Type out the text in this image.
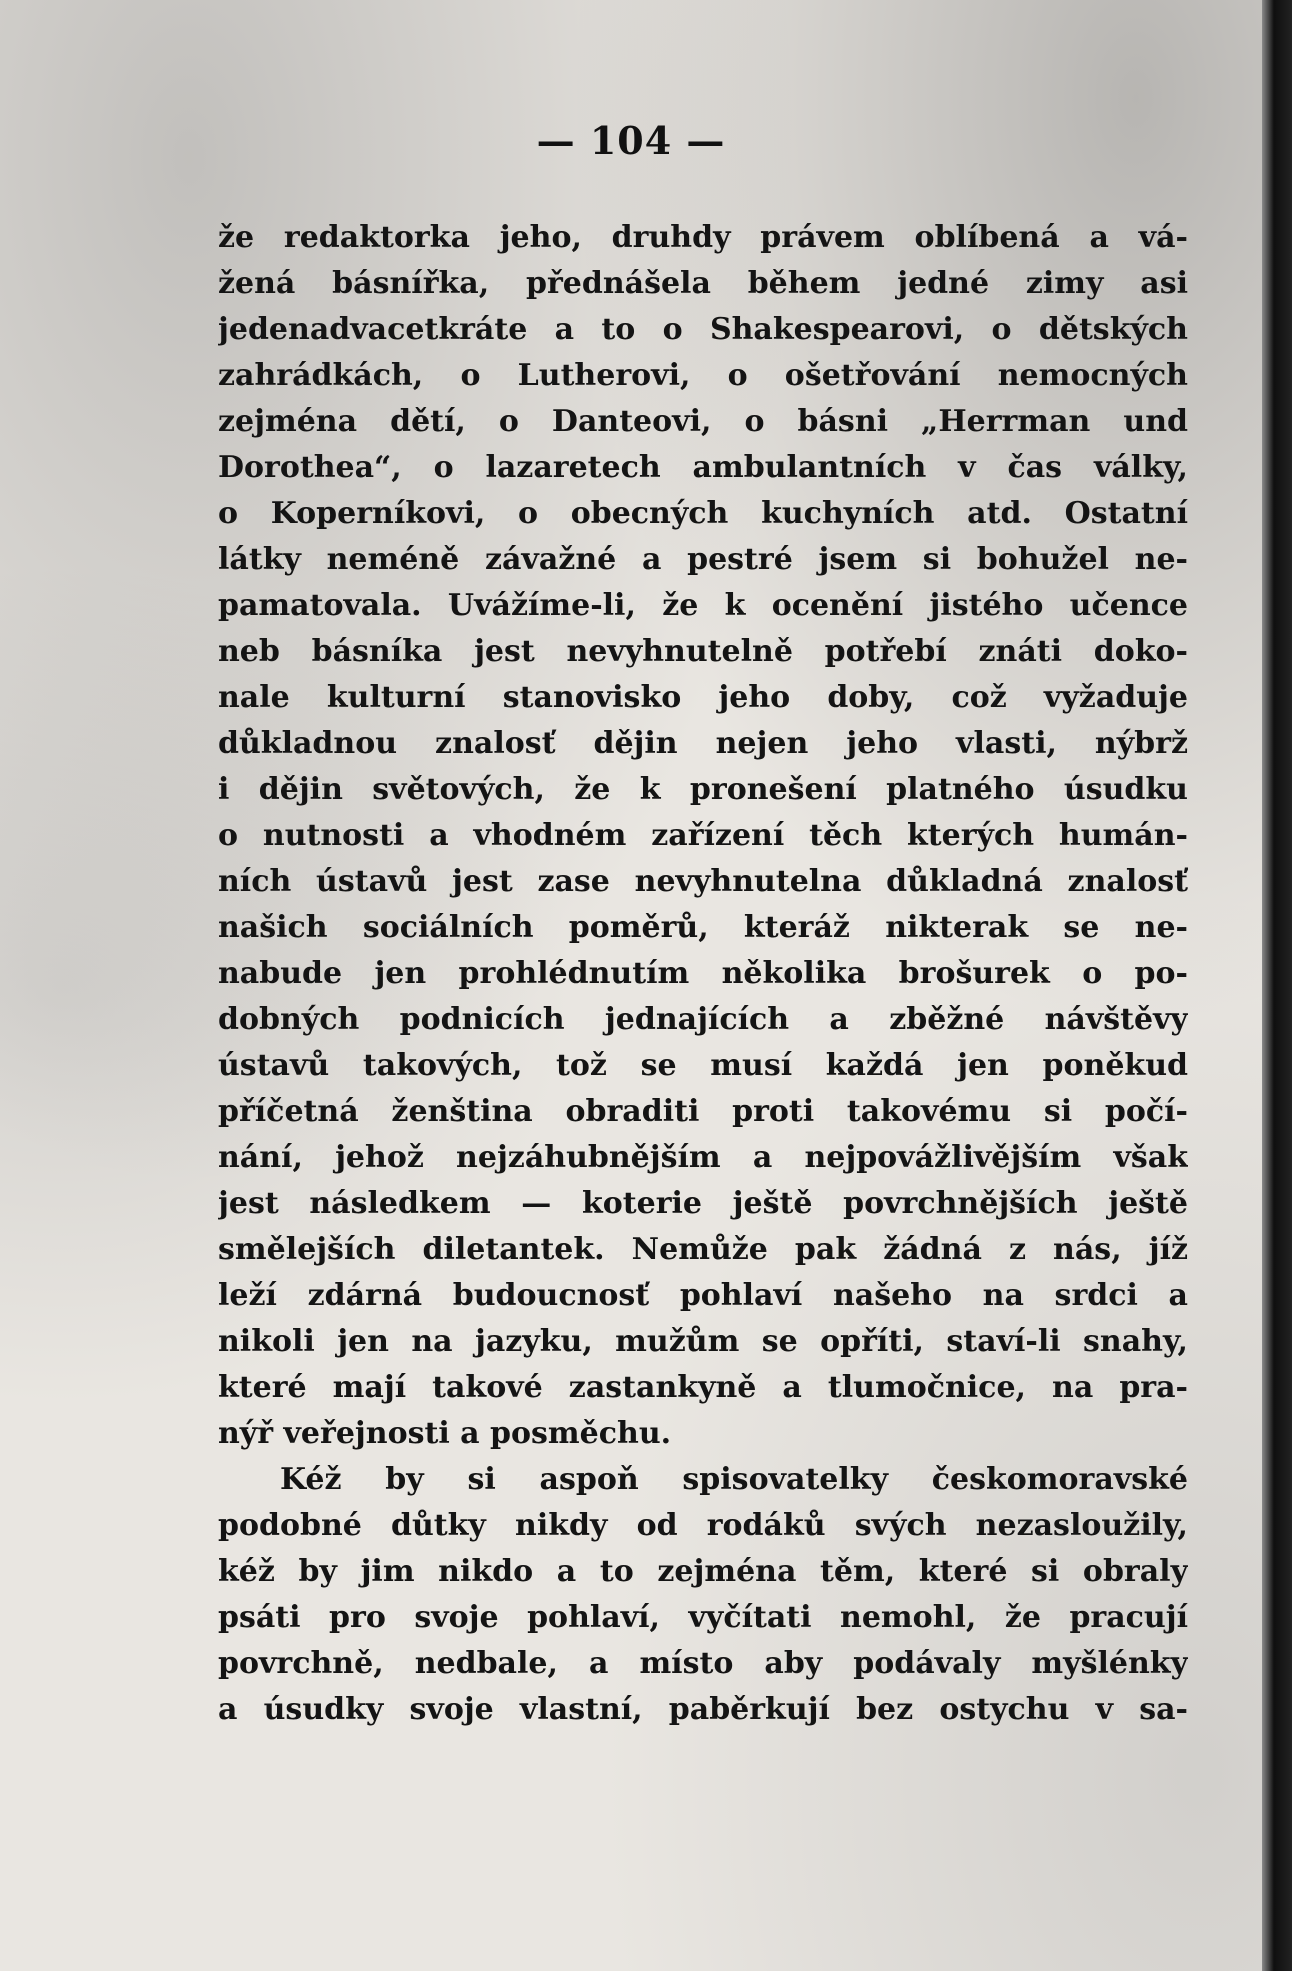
— 104 —
že redaktorka jeho, druhdy právem oblíbená a vá-
žená básnířka, přednášela během jedné zimy asi
jedenadvacetkráte a to o Shakespearovi, o dětských
zahrádkách, o Lutherovi, o ošetřování nemocných
zejména dětí, o Danteovi, o básni „Herrman und
Dorothea“, o lazaretech ambulantních v čas války,
o Koperníkovi, o obecných kuchyních atd. Ostatní
látky neméně závažné a pestré jsem si bohužel ne-
pamatovala. Uvážíme-li, že k ocenění jistého učence
neb básníka jest nevyhnutelně potřebí znáti doko-
nale kulturní stanovisko jeho doby, což vyžaduje
důkladnou znalosť dějin nejen jeho vlasti, nýbrž
i dějin světových, že k pronešení platného úsudku
o nutnosti a vhodném zařízení těch kterých humán-
ních ústavů jest zase nevyhnutelna důkladná znalosť
našich sociálních poměrů, kteráž nikterak se ne-
nabude jen prohlédnutím několika brošurek o po-
dobných podnicích jednajících a zběžné návštěvy
ústavů takových, tož se musí každá jen poněkud
příčetná ženština obraditi proti takovému si počí-
nání, jehož nejzáhubnějším a nejpovážlivějším však
jest následkem — koterie ještě povrchnějších ještě
smělejších diletantek. Nemůže pak žádná z nás, jíž
leží zdárná budoucnosť pohlaví našeho na srdci a
nikoli jen na jazyku, mužům se opříti, staví-li snahy,
které mají takové zastankyně a tlumočnice, na pra-
nýř veřejnosti a posměchu.
Kéž by si aspoň spisovatelky českomoravské
podobné důtky nikdy od rodáků svých nezasloužily,
kéž by jim nikdo a to zejména těm, které si obraly
psáti pro svoje pohlaví, vyčítati nemohl, že pracují
povrchně, nedbale, a místo aby podávaly myšlénky
a úsudky svoje vlastní, paběrkují bez ostychu v sa-
